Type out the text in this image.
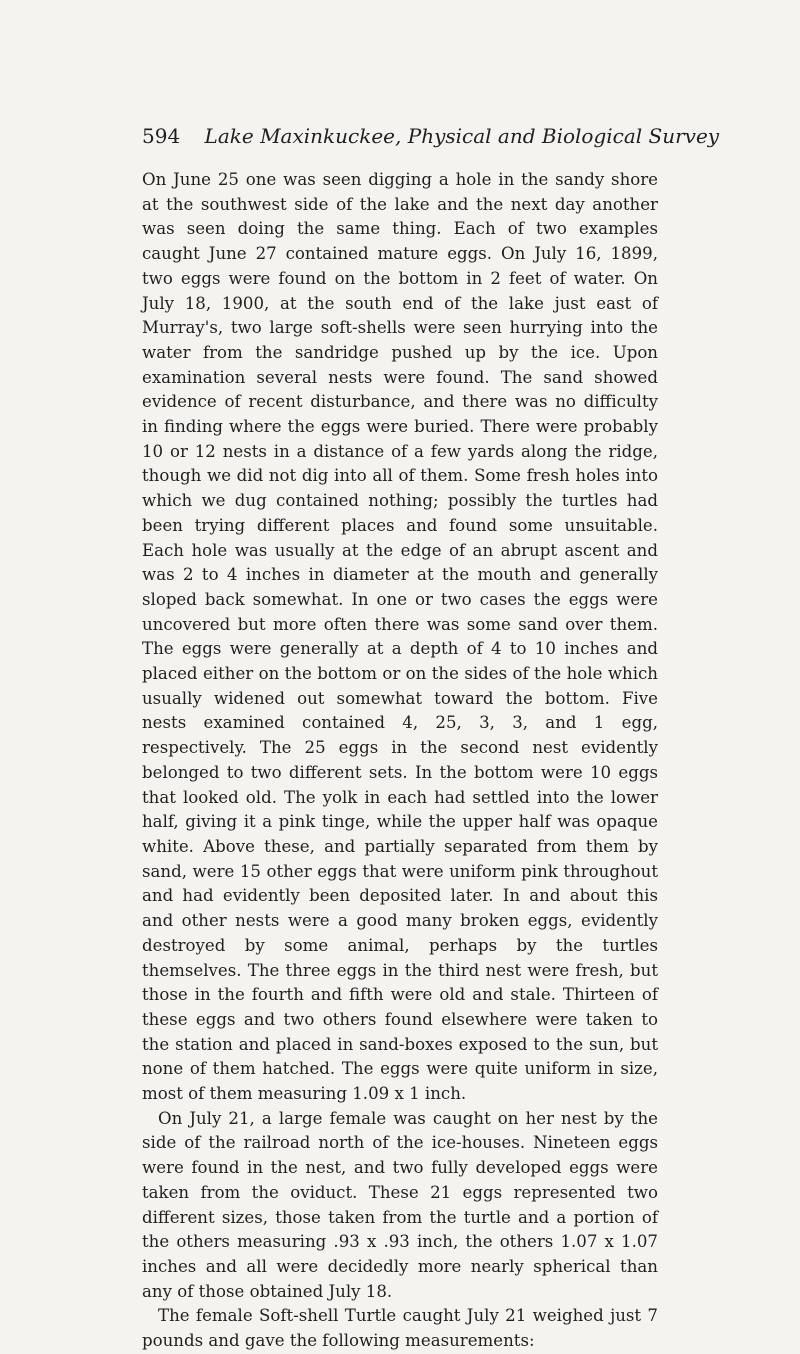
594 Lake Maxinkuckee, Physical and Biological Survey

On June 25 one was seen digging a hole in the sandy shore at the southwest side of the lake and the next day another was seen doing the same thing. Each of two examples caught June 27 contained mature eggs. On July 16, 1899, two eggs were found on the bottom in 2 feet of water. On July 18, 1900, at the south end of the lake just east of Murray's, two large soft-shells were seen hurrying into the water from the sandridge pushed up by the ice. Upon examination several nests were found. The sand showed evidence of recent disturbance, and there was no difficulty in finding where the eggs were buried. There were probably 10 or 12 nests in a distance of a few yards along the ridge, though we did not dig into all of them. Some fresh holes into which we dug contained nothing; possibly the turtles had been trying different places and found some unsuitable. Each hole was usually at the edge of an abrupt ascent and was 2 to 4 inches in diameter at the mouth and generally sloped back somewhat. In one or two cases the eggs were uncovered but more often there was some sand over them. The eggs were generally at a depth of 4 to 10 inches and placed either on the bottom or on the sides of the hole which usually widened out somewhat toward the bottom. Five nests examined contained 4, 25, 3, 3, and 1 egg, respectively. The 25 eggs in the second nest evidently belonged to two different sets. In the bottom were 10 eggs that looked old. The yolk in each had settled into the lower half, giving it a pink tinge, while the upper half was opaque white. Above these, and partially separated from them by sand, were 15 other eggs that were uniform pink throughout and had evidently been deposited later. In and about this and other nests were a good many broken eggs, evidently destroyed by some animal, perhaps by the turtles themselves. The three eggs in the third nest were fresh, but those in the fourth and fifth were old and stale. Thirteen of these eggs and two others found elsewhere were taken to the station and placed in sand-boxes exposed to the sun, but none of them hatched. The eggs were quite uniform in size, most of them measuring 1.09 x 1 inch.

On July 21, a large female was caught on her nest by the side of the railroad north of the ice-houses. Nineteen eggs were found in the nest, and two fully developed eggs were taken from the oviduct. These 21 eggs represented two different sizes, those taken from the turtle and a portion of the others measuring .93 x .93 inch, the others 1.07 x 1.07 inches and all were decidedly more nearly spherical than any of those obtained July 18.

The female Soft-shell Turtle caught July 21 weighed just 7 pounds and gave the following measurements:
